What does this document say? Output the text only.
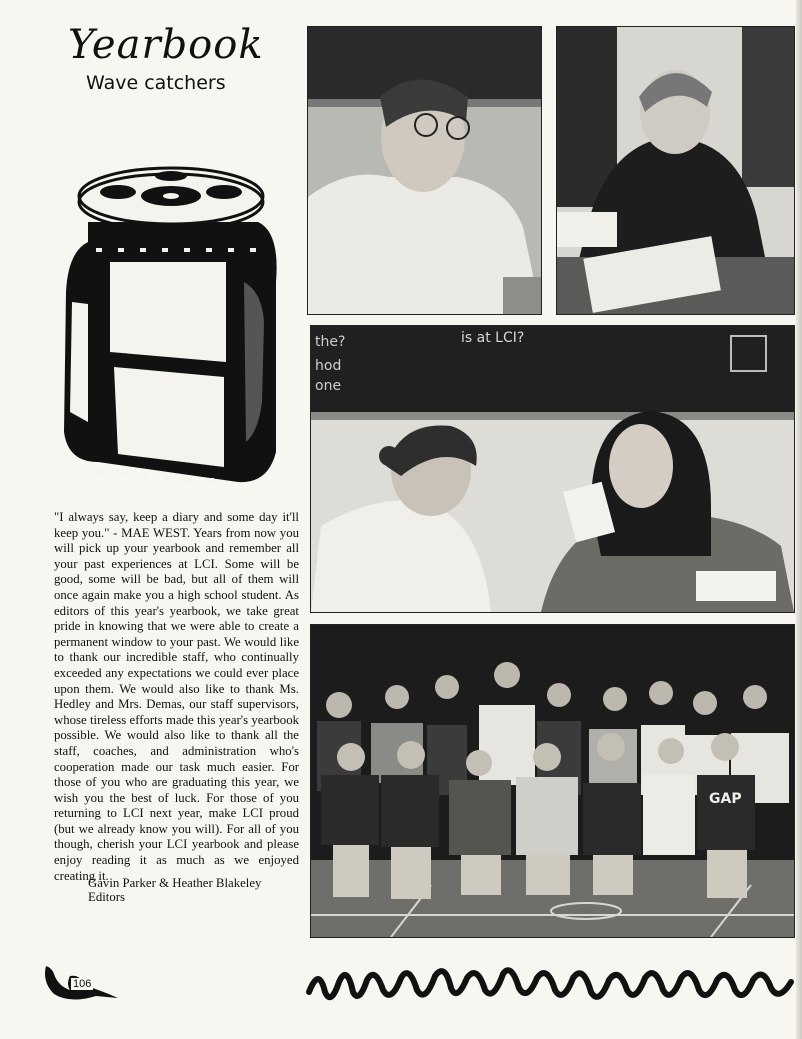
Yearbook
Wave catchers

"I always say, keep a diary and some day it'll keep you." - MAE WEST. Years from now you will pick up your yearbook and remember all your past experiences at LCI. Some will be good, some will be bad, but all of them will once again make you a high school student. As editors of this year's yearbook, we take great pride in knowing that we were able to create a permanent window to your past. We would like to thank our incredible staff, who continually exceeded any expectations we could ever place upon them. We would also like to thank Ms. Hedley and Mrs. Demas, our staff supervisors, whose tireless efforts made this year's yearbook possible. We would also like to thank all the staff, coaches, and administration who's cooperation made our task much easier. For those of you who are graduating this year, we wish you the best of luck. For those of you returning to LCI next year, make LCI proud (but we already know you will). For all of you though, cherish your LCI yearbook and please enjoy reading it as much as we enjoyed creating it.

Gavin Parker & Heather Blakeley
Editors
is at LCI?
the?
hod
one
GAP
106
